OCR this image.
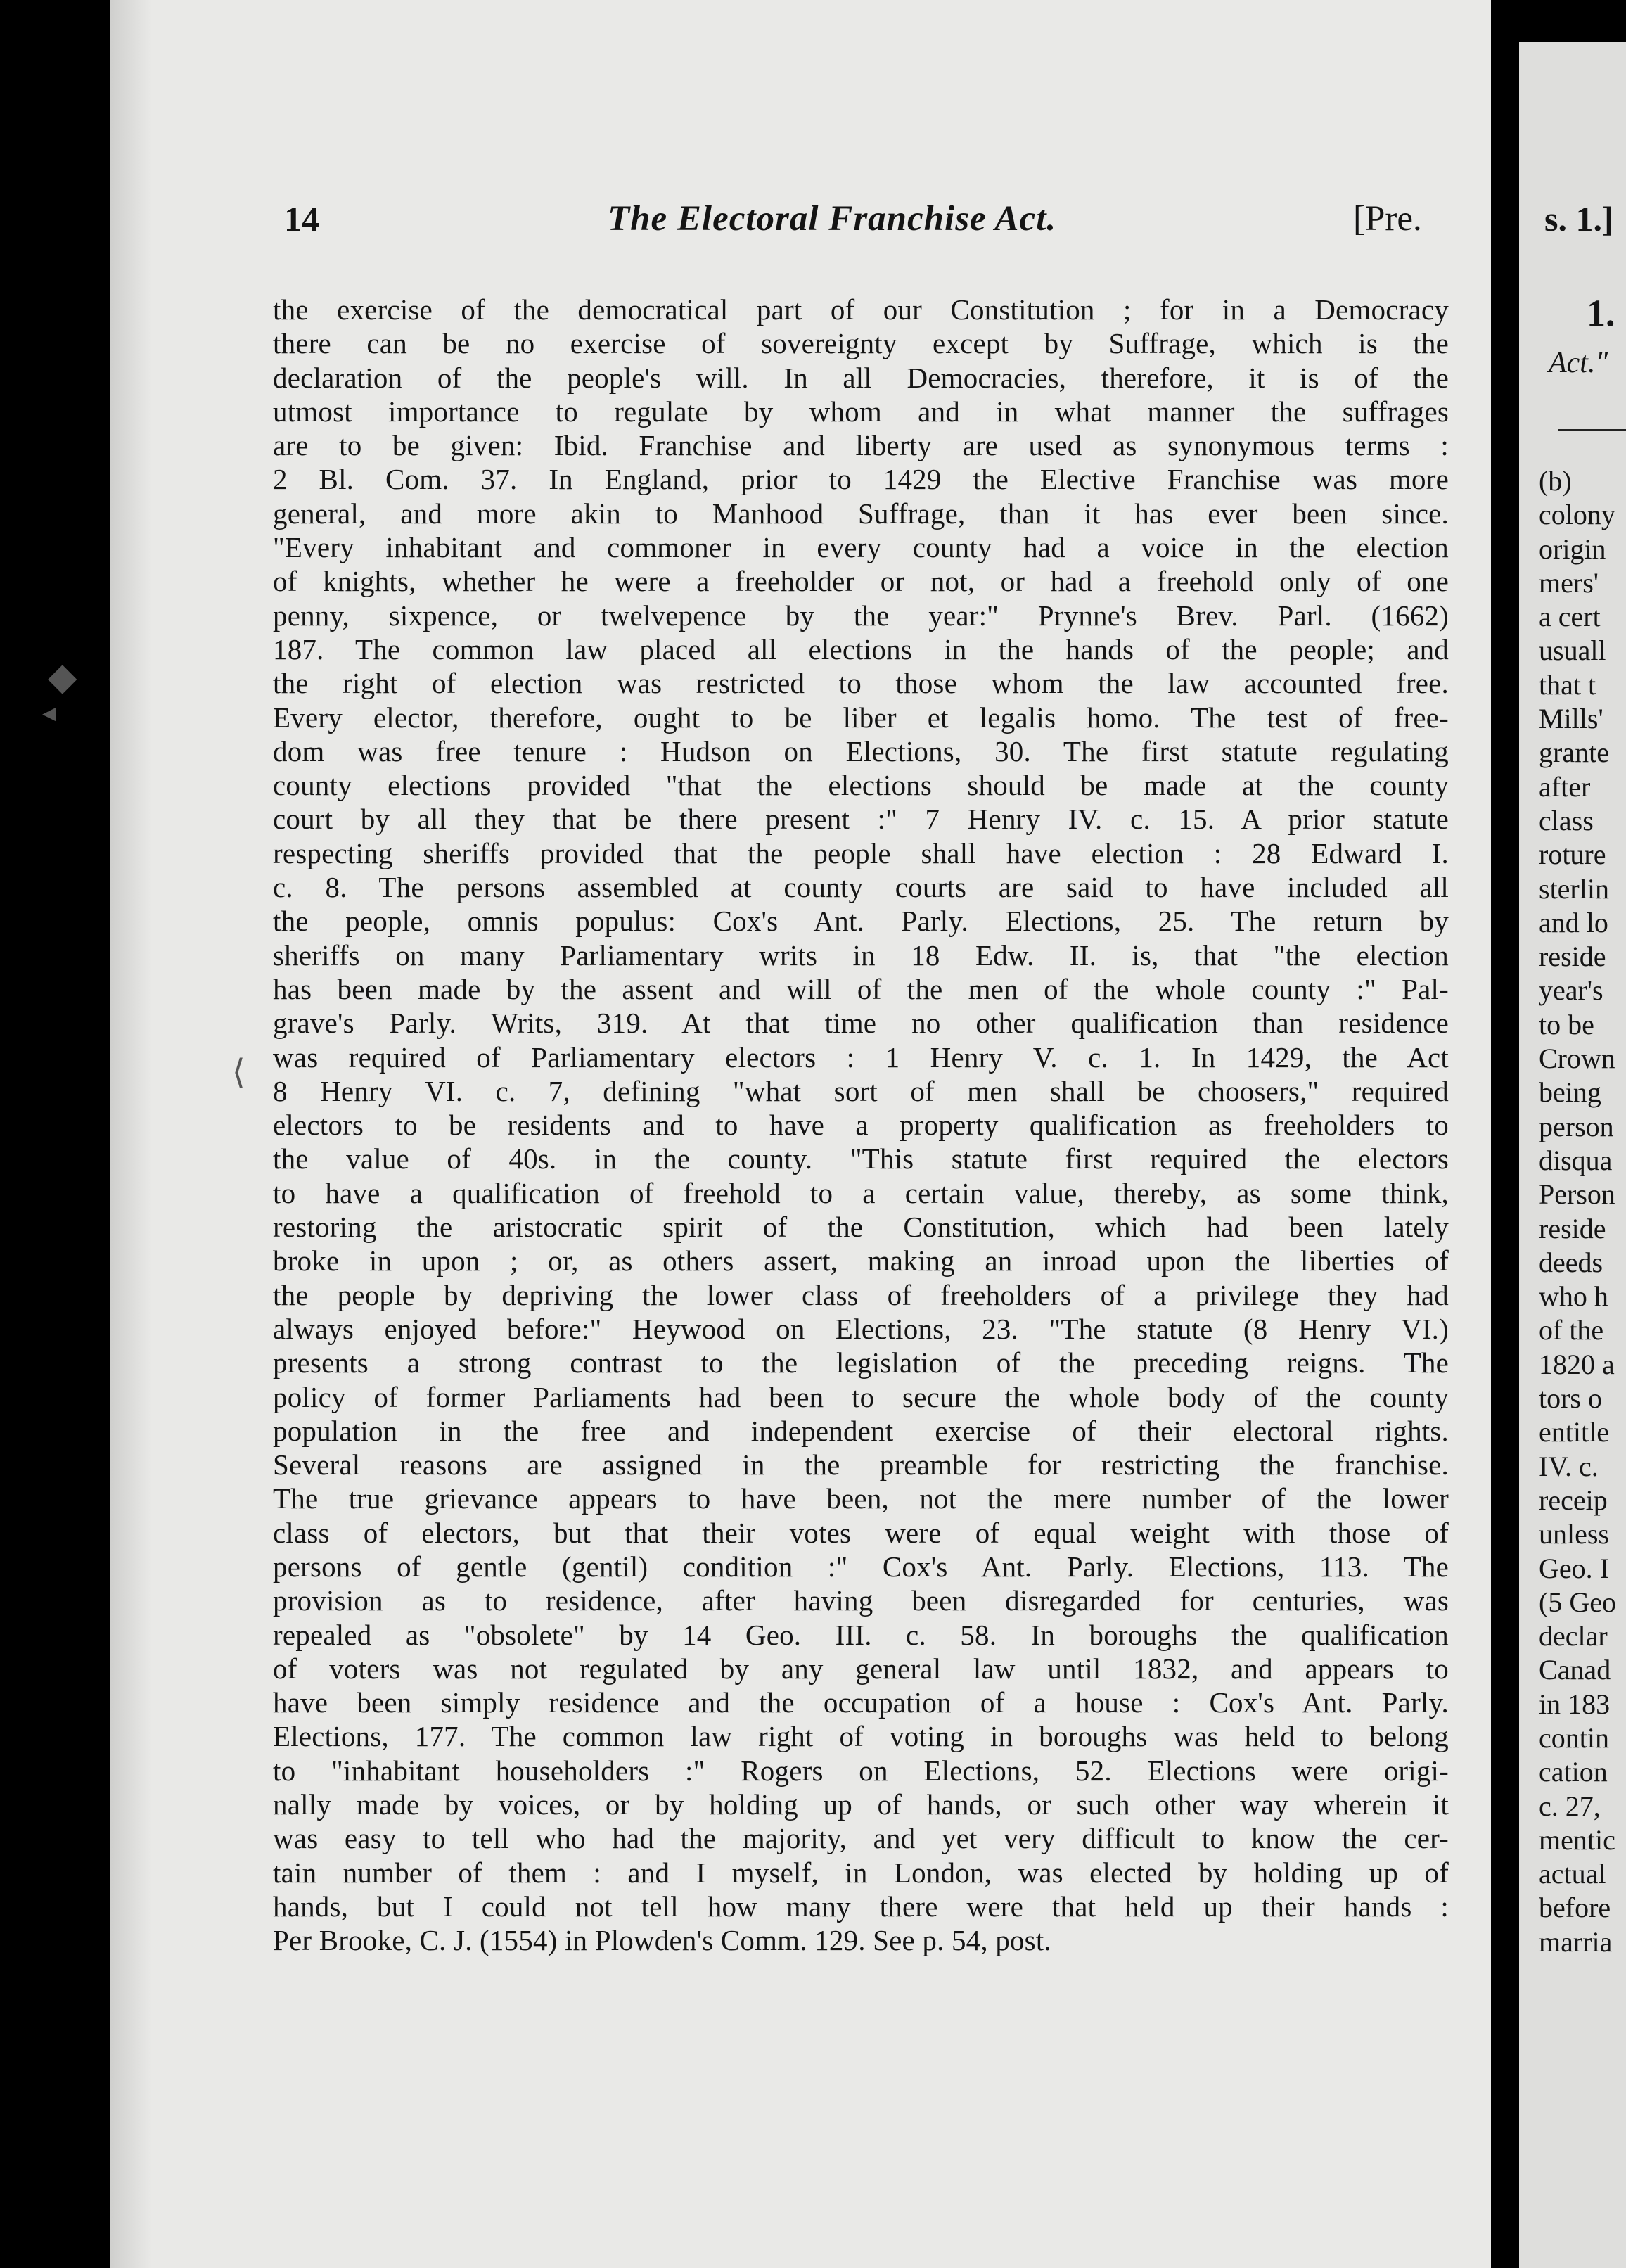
14	The Electoral Franchise Act.	[Pre.
the exercise of the democratical part of our Constitution ; for in a Democracy
there can be no exercise of sovereignty except by Suffrage, which is the
declaration of the people's will. In all Democracies, therefore, it is of the
utmost importance to regulate by whom and in what manner the suffrages
are to be given: Ibid. Franchise and liberty are used as synonymous terms :
2 Bl. Com. 37. In England, prior to 1429 the Elective Franchise was more
general, and more akin to Manhood Suffrage, than it has ever been since.
"Every inhabitant and commoner in every county had a voice in the election
of knights, whether he were a freeholder or not, or had a freehold only of one
penny, sixpence, or twelvepence by the year:" Prynne's Brev. Parl. (1662)
187. The common law placed all elections in the hands of the people; and
the right of election was restricted to those whom the law accounted free.
Every elector, therefore, ought to be liber et legalis homo. The test of free-
dom was free tenure : Hudson on Elections, 30. The first statute regulating
county elections provided "that the elections should be made at the county
court by all they that be there present :" 7 Henry IV. c. 15. A prior statute
respecting sheriffs provided that the people shall have election : 28 Edward I.
c. 8. The persons assembled at county courts are said to have included all
the people, omnis populus: Cox's Ant. Parly. Elections, 25. The return by
sheriffs on many Parliamentary writs in 18 Edw. II. is, that "the election
has been made by the assent and will of the men of the whole county :" Pal-
grave's Parly. Writs, 319. At that time no other qualification than residence
was required of Parliamentary electors : 1 Henry V. c. 1. In 1429, the Act
8 Henry VI. c. 7, defining "what sort of men shall be choosers," required
electors to be residents and to have a property qualification as freeholders to
the value of 40s. in the county. "This statute first required the electors
to have a qualification of freehold to a certain value, thereby, as some think,
restoring the aristocratic spirit of the Constitution, which had been lately
broke in upon ; or, as others assert, making an inroad upon the liberties of
the people by depriving the lower class of freeholders of a privilege they had
always enjoyed before:" Heywood on Elections, 23. "The statute (8 Henry VI.)
presents a strong contrast to the legislation of the preceding reigns. The
policy of former Parliaments had been to secure the whole body of the county
population in the free and independent exercise of their electoral rights.
Several reasons are assigned in the preamble for restricting the franchise.
The true grievance appears to have been, not the mere number of the lower
class of electors, but that their votes were of equal weight with those of
persons of gentle (gentil) condition :" Cox's Ant. Parly. Elections, 113. The
provision as to residence, after having been disregarded for centuries, was
repealed as "obsolete" by 14 Geo. III. c. 58. In boroughs the qualification
of voters was not regulated by any general law until 1832, and appears to
have been simply residence and the occupation of a house : Cox's Ant. Parly.
Elections, 177. The common law right of voting in boroughs was held to belong
to "inhabitant householders :" Rogers on Elections, 52. Elections were origi-
nally made by voices, or by holding up of hands, or such other way wherein it
was easy to tell who had the majority, and yet very difficult to know the cer-
tain number of them : and I myself, in London, was elected by holding up of
hands, but I could not tell how many there were that held up their hands :
Per Brooke, C. J. (1554) in Plowden's Comm. 129. See p. 54, post.
◆
◂
⟨
s. 1.]
1.
Act."
(b)
colony
origin
mers'
a cert
usuall
that t
Mills'
grante
after
class
roture
sterlin
and lo
reside
year's
to be
Crown
being
person
disqua
Person
reside
deeds
who h
of the
1820 a
tors o
entitle
IV. c.
receip
unless
Geo. I
(5 Geo
declar
Canad
in 183
contin
cation
c. 27,
mentic
actual
before
marria
